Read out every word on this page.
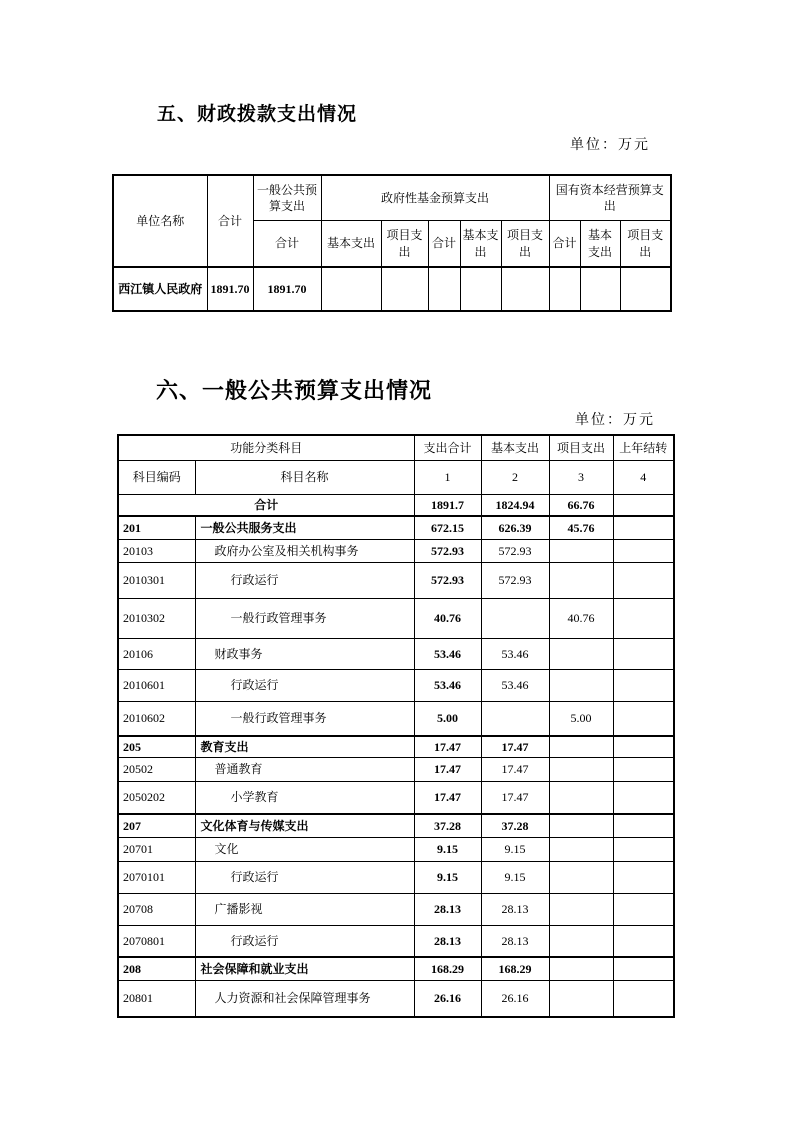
五、财政拨款支出情况
单位：万元
单位名称	合计	一般公共预算支出	政府性基金预算支出					国有资本经营预算支出		
		合计	基本支出	项目支出	合计	基本支出	项目支出	合计	基本支出	项目支出
西江镇人民政府	1891.70	1891.70								
六、一般公共预算支出情况
单位：万元
功能分类科目		支出合计	基本支出	项目支出	上年结转
科目编码	科目名称	1	2	3	4
合计		1891.7	1824.94	66.76	
201	一般公共服务支出	672.15	626.39	45.76	
20103	政府办公室及相关机构事务	572.93	572.93		
2010301	行政运行	572.93	572.93		
2010302	一般行政管理事务	40.76		40.76	
20106	财政事务	53.46	53.46		
2010601	行政运行	53.46	53.46		
2010602	一般行政管理事务	5.00		5.00	
205	教育支出	17.47	17.47		
20502	普通教育	17.47	17.47		
2050202	小学教育	17.47	17.47		
207	文化体育与传媒支出	37.28	37.28		
20701	文化	9.15	9.15		
2070101	行政运行	9.15	9.15		
20708	广播影视	28.13	28.13		
2070801	行政运行	28.13	28.13		
208	社会保障和就业支出	168.29	168.29		
20801	人力资源和社会保障管理事务	26.16	26.16		
